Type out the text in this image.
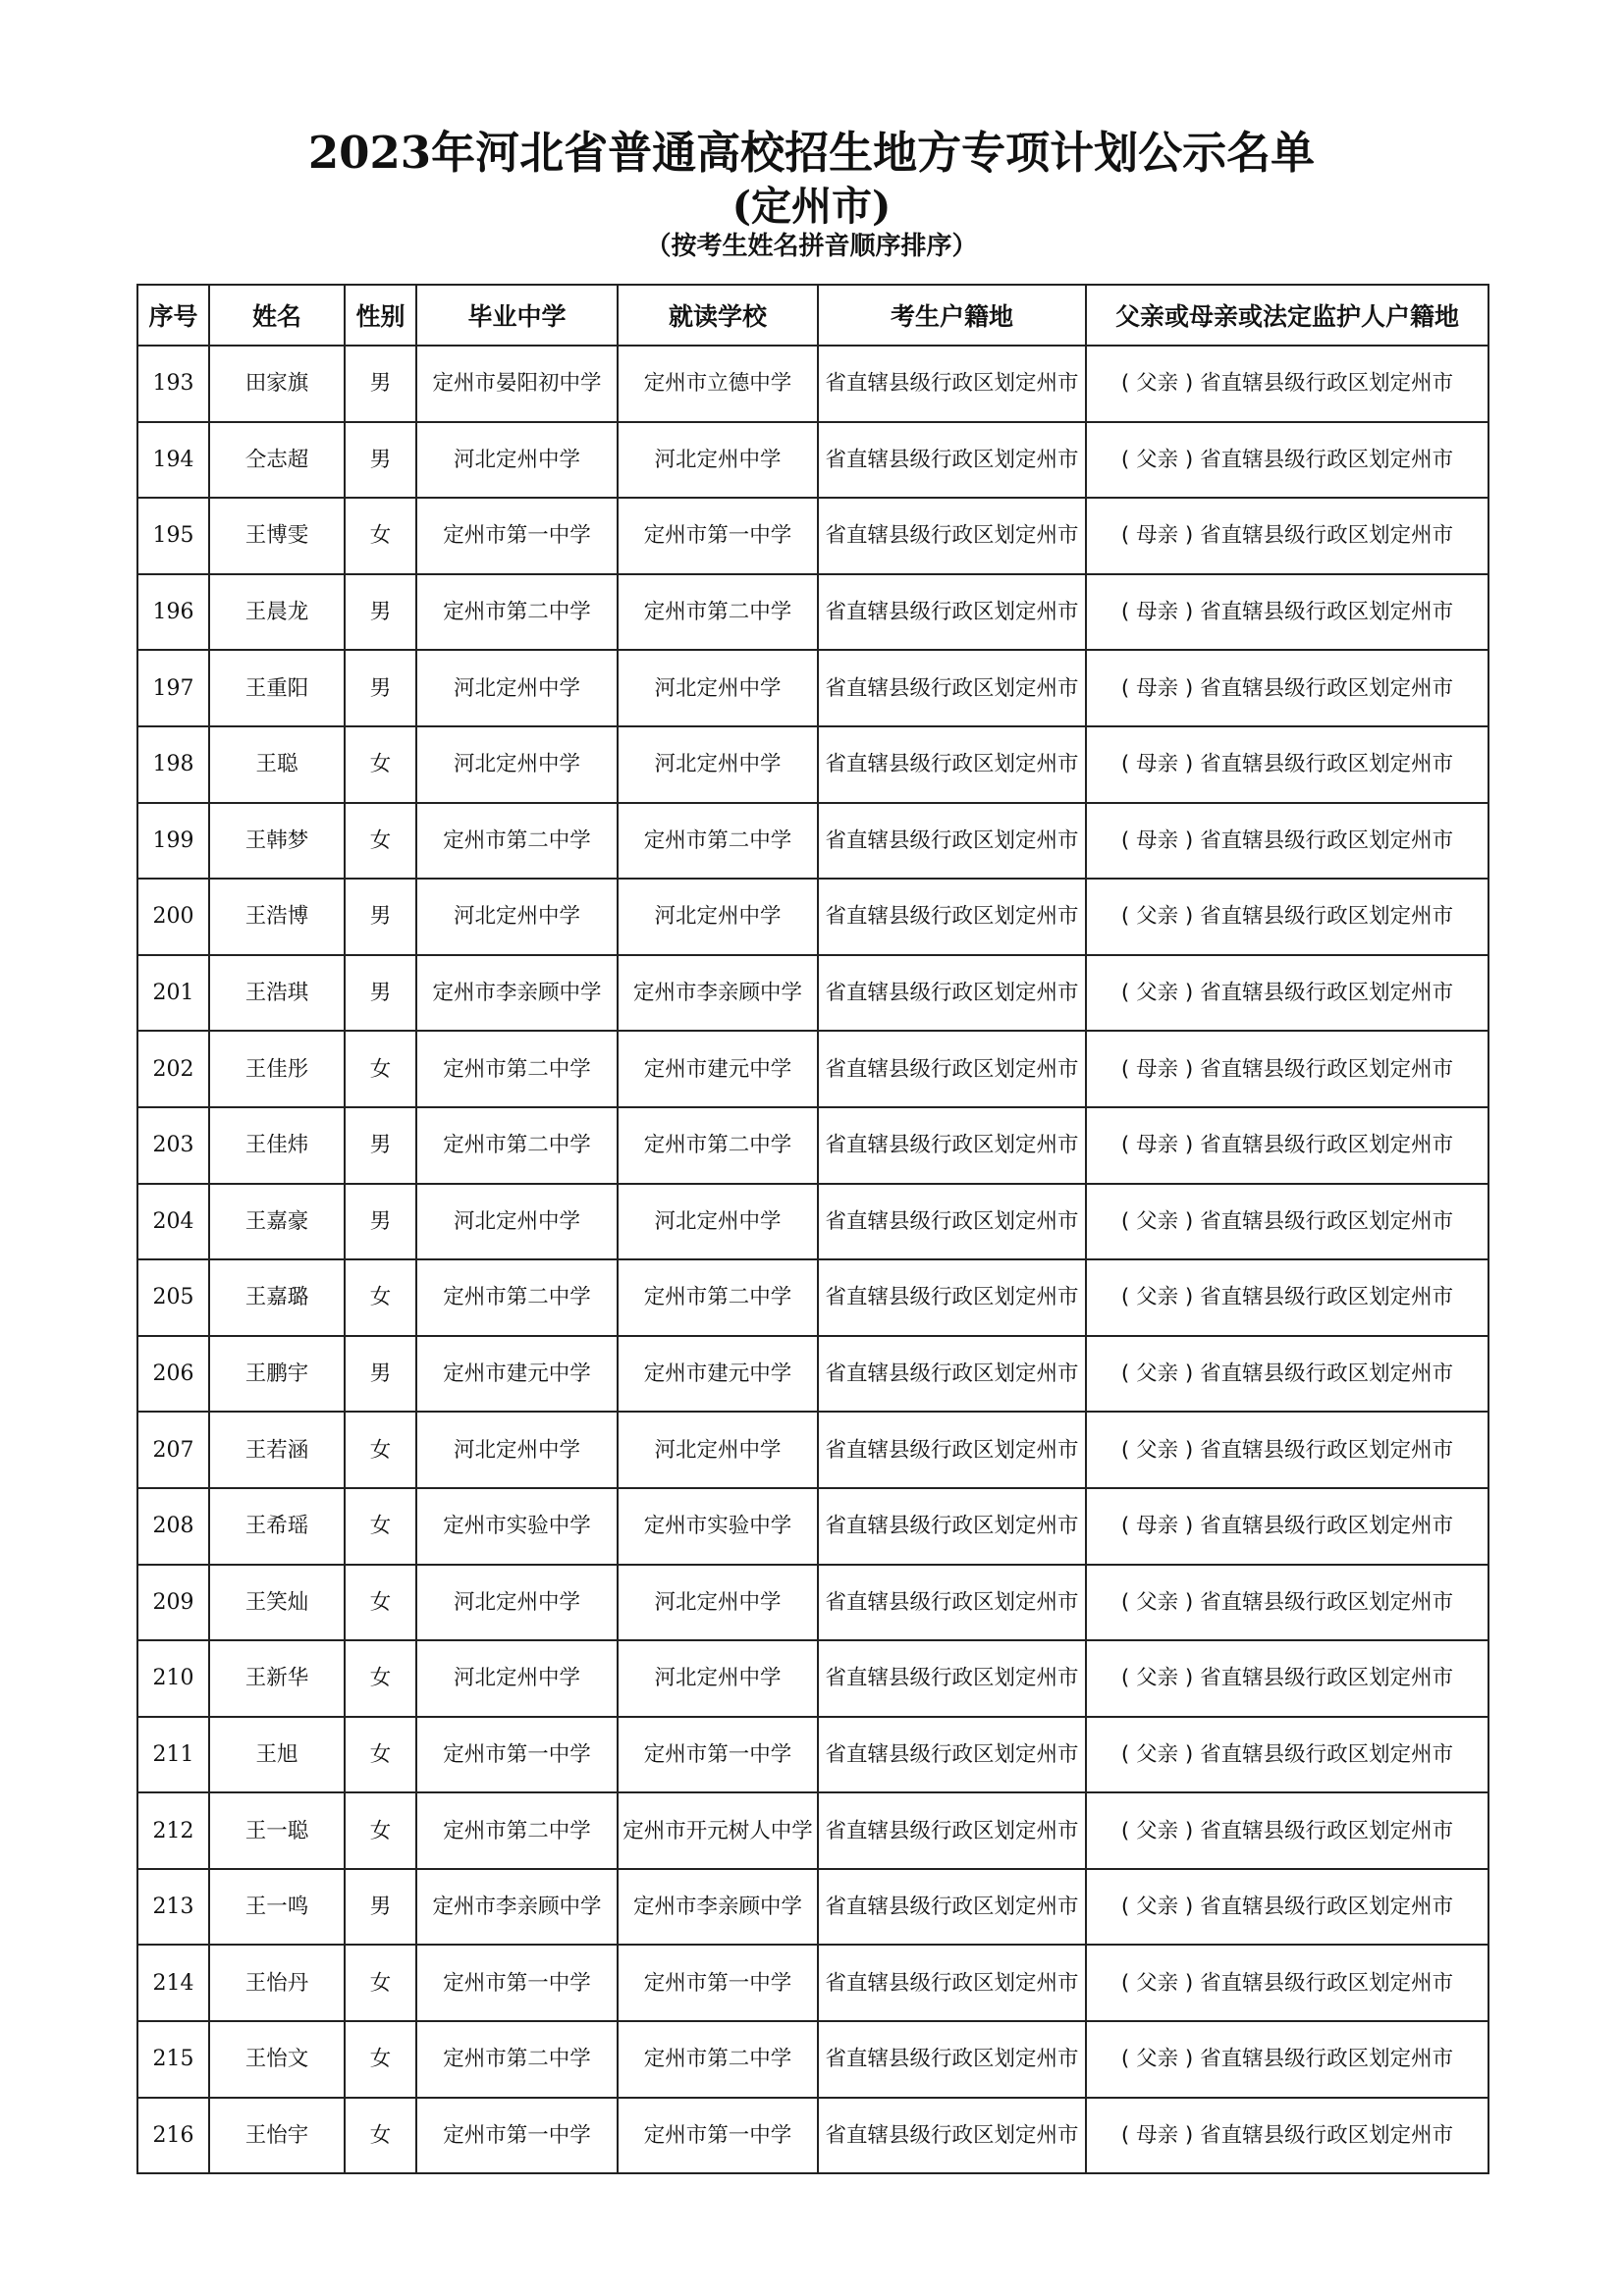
2023年河北省普通高校招生地方专项计划公示名单
(定州市)
（按考生姓名拼音顺序排序）
序号	姓名	性别	毕业中学	就读学校	考生户籍地	父亲或母亲或法定监护人户籍地

193	田家旗	男	定州市晏阳初中学	定州市立德中学	省直辖县级行政区划定州市	( 父亲 ) 省直辖县级行政区划定州市

194	仝志超	男	河北定州中学	河北定州中学	省直辖县级行政区划定州市	( 父亲 ) 省直辖县级行政区划定州市

195	王博雯	女	定州市第一中学	定州市第一中学	省直辖县级行政区划定州市	( 母亲 ) 省直辖县级行政区划定州市

196	王晨龙	男	定州市第二中学	定州市第二中学	省直辖县级行政区划定州市	( 母亲 ) 省直辖县级行政区划定州市

197	王重阳	男	河北定州中学	河北定州中学	省直辖县级行政区划定州市	( 母亲 ) 省直辖县级行政区划定州市

198	王聪	女	河北定州中学	河北定州中学	省直辖县级行政区划定州市	( 母亲 ) 省直辖县级行政区划定州市

199	王韩梦	女	定州市第二中学	定州市第二中学	省直辖县级行政区划定州市	( 母亲 ) 省直辖县级行政区划定州市

200	王浩博	男	河北定州中学	河北定州中学	省直辖县级行政区划定州市	( 父亲 ) 省直辖县级行政区划定州市

201	王浩琪	男	定州市李亲顾中学	定州市李亲顾中学	省直辖县级行政区划定州市	( 父亲 ) 省直辖县级行政区划定州市

202	王佳彤	女	定州市第二中学	定州市建元中学	省直辖县级行政区划定州市	( 母亲 ) 省直辖县级行政区划定州市

203	王佳炜	男	定州市第二中学	定州市第二中学	省直辖县级行政区划定州市	( 母亲 ) 省直辖县级行政区划定州市

204	王嘉豪	男	河北定州中学	河北定州中学	省直辖县级行政区划定州市	( 父亲 ) 省直辖县级行政区划定州市

205	王嘉璐	女	定州市第二中学	定州市第二中学	省直辖县级行政区划定州市	( 父亲 ) 省直辖县级行政区划定州市

206	王鹏宇	男	定州市建元中学	定州市建元中学	省直辖县级行政区划定州市	( 父亲 ) 省直辖县级行政区划定州市

207	王若涵	女	河北定州中学	河北定州中学	省直辖县级行政区划定州市	( 父亲 ) 省直辖县级行政区划定州市

208	王希瑶	女	定州市实验中学	定州市实验中学	省直辖县级行政区划定州市	( 母亲 ) 省直辖县级行政区划定州市

209	王笑灿	女	河北定州中学	河北定州中学	省直辖县级行政区划定州市	( 父亲 ) 省直辖县级行政区划定州市

210	王新华	女	河北定州中学	河北定州中学	省直辖县级行政区划定州市	( 父亲 ) 省直辖县级行政区划定州市

211	王旭	女	定州市第一中学	定州市第一中学	省直辖县级行政区划定州市	( 父亲 ) 省直辖县级行政区划定州市

212	王一聪	女	定州市第二中学	定州市开元树人中学	省直辖县级行政区划定州市	( 父亲 ) 省直辖县级行政区划定州市

213	王一鸣	男	定州市李亲顾中学	定州市李亲顾中学	省直辖县级行政区划定州市	( 父亲 ) 省直辖县级行政区划定州市

214	王怡丹	女	定州市第一中学	定州市第一中学	省直辖县级行政区划定州市	( 父亲 ) 省直辖县级行政区划定州市

215	王怡文	女	定州市第二中学	定州市第二中学	省直辖县级行政区划定州市	( 父亲 ) 省直辖县级行政区划定州市

216	王怡宇	女	定州市第一中学	定州市第一中学	省直辖县级行政区划定州市	( 母亲 ) 省直辖县级行政区划定州市
